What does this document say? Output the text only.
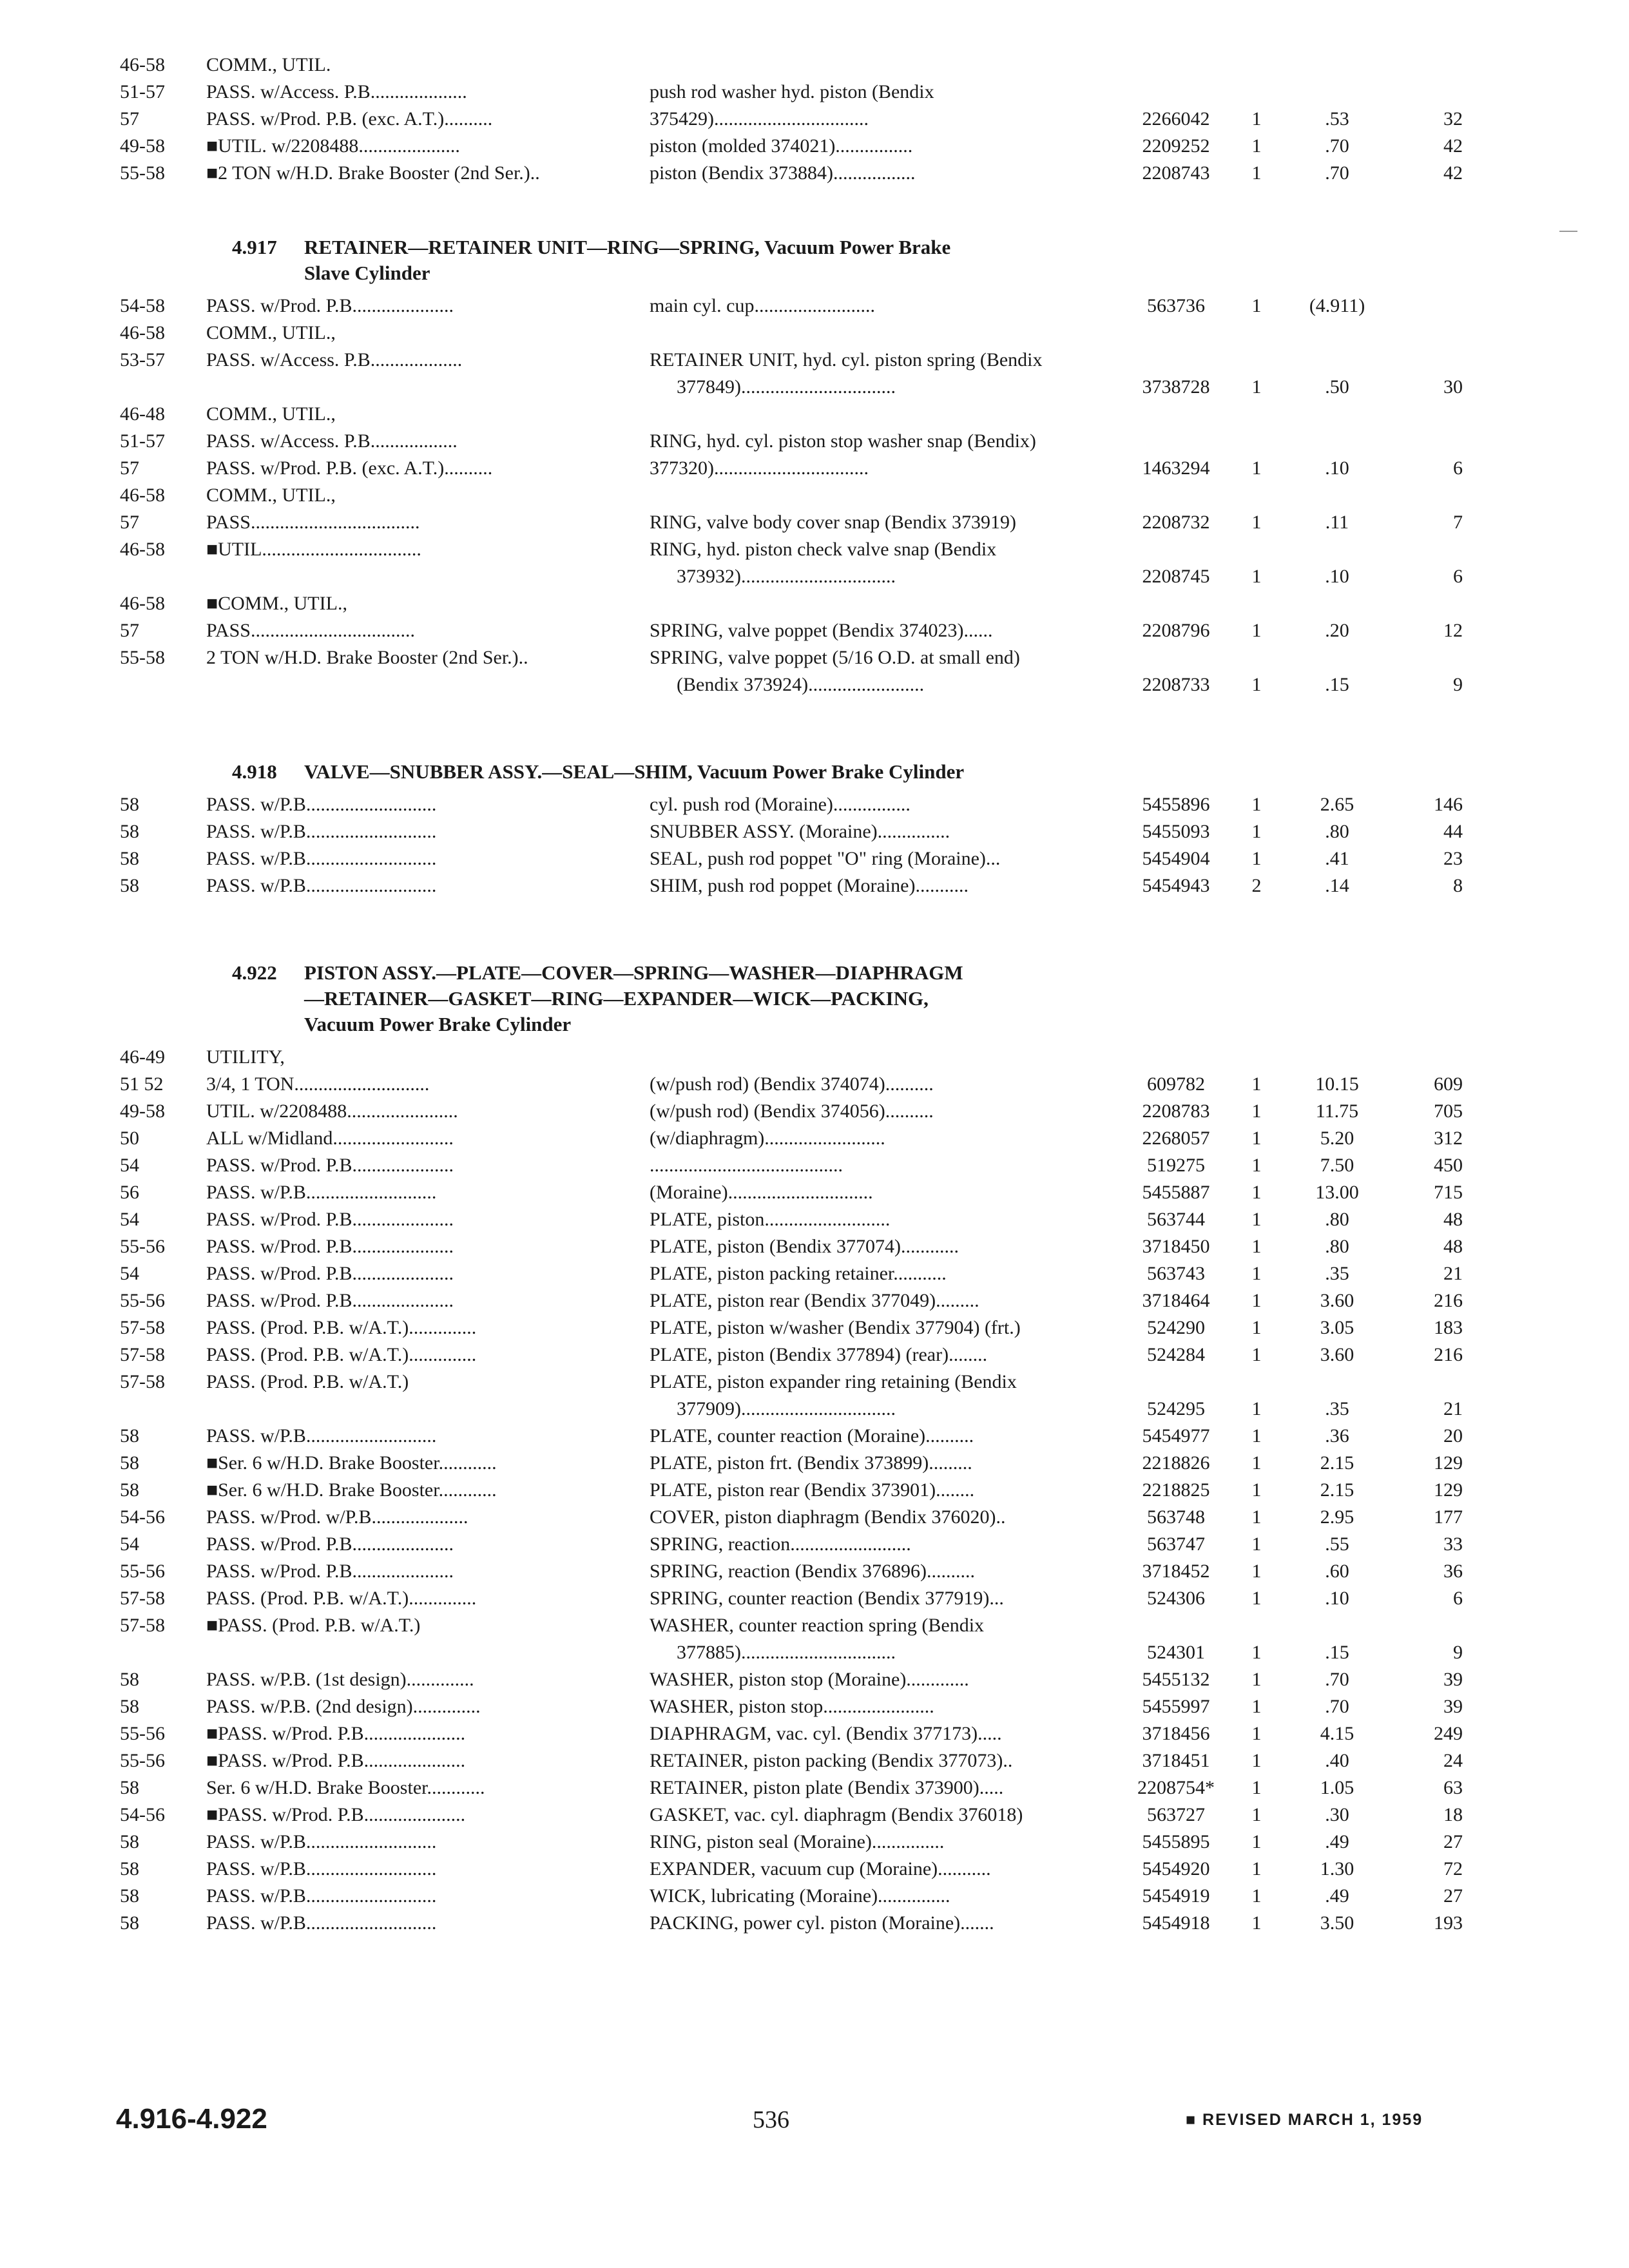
46-58	COMM., UTIL.
51-57	PASS. w/Access. P.B....................	push rod washer hyd. piston (Bendix
57	PASS. w/Prod. P.B. (exc. A.T.)..........	375429)................................	2266042	1	.53	32
49-58	■UTIL. w/2208488.....................	piston (molded 374021)................	2209252	1	.70	42
55-58	■2 TON w/H.D. Brake Booster (2nd Ser.)..	piston (Bendix 373884).................	2208743	1	.70	42
4.917 RETAINER—RETAINER UNIT—RING—SPRING, Vacuum Power Brake
Slave Cylinder
54-58	PASS. w/Prod. P.B.....................	main cyl. cup.........................	563736	1	(4.911)
46-58	COMM., UTIL.,
53-57	PASS. w/Access. P.B...................	RETAINER UNIT, hyd. cyl. piston spring (Bendix
377849)................................	3738728	1	.50	30
46-48	COMM., UTIL.,
51-57	PASS. w/Access. P.B..................	RING, hyd. cyl. piston stop washer snap (Bendix)
57	PASS. w/Prod. P.B. (exc. A.T.)..........	377320)................................	1463294	1	.10	6
46-58	COMM., UTIL.,
57	PASS...................................	RING, valve body cover snap (Bendix 373919)	2208732	1	.11	7
46-58	■UTIL.................................	RING, hyd. piston check valve snap (Bendix
373932)................................	2208745	1	.10	6
46-58	■COMM., UTIL.,
57	PASS..................................	SPRING, valve poppet (Bendix 374023)......	2208796	1	.20	12
55-58	2 TON w/H.D. Brake Booster (2nd Ser.)..	SPRING, valve poppet (5/16 O.D. at small end)
(Bendix 373924)........................	2208733	1	.15	9
4.918 VALVE—SNUBBER ASSY.—SEAL—SHIM, Vacuum Power Brake Cylinder
58	PASS. w/P.B...........................	cyl. push rod (Moraine)................	5455896	1	2.65	146
58	PASS. w/P.B...........................	SNUBBER ASSY. (Moraine)...............	5455093	1	.80	44
58	PASS. w/P.B...........................	SEAL, push rod poppet "O" ring (Moraine)...	5454904	1	.41	23
58	PASS. w/P.B...........................	SHIM, push rod poppet (Moraine)...........	5454943	2	.14	8
4.922 PISTON ASSY.—PLATE—COVER—SPRING—WASHER—DIAPHRAGM
—RETAINER—GASKET—RING—EXPANDER—WICK—PACKING,
Vacuum Power Brake Cylinder
46-49	UTILITY,
51 52	3/4, 1 TON............................	(w/push rod) (Bendix 374074)..........	609782	1	10.15	609
49-58	UTIL. w/2208488.......................	(w/push rod) (Bendix 374056)..........	2208783	1	11.75	705
50	ALL w/Midland.........................	(w/diaphragm).........................	2268057	1	5.20	312
54	PASS. w/Prod. P.B.....................	........................................	519275	1	7.50	450
56	PASS. w/P.B...........................	(Moraine)..............................	5455887	1	13.00	715
54	PASS. w/Prod. P.B.....................	PLATE, piston..........................	563744	1	.80	48
55-56	PASS. w/Prod. P.B.....................	PLATE, piston (Bendix 377074)............	3718450	1	.80	48
54	PASS. w/Prod. P.B.....................	PLATE, piston packing retainer...........	563743	1	.35	21
55-56	PASS. w/Prod. P.B.....................	PLATE, piston rear (Bendix 377049).........	3718464	1	3.60	216
57-58	PASS. (Prod. P.B. w/A.T.)..............	PLATE, piston w/washer (Bendix 377904) (frt.)	524290	1	3.05	183
57-58	PASS. (Prod. P.B. w/A.T.)..............	PLATE, piston (Bendix 377894) (rear)........	524284	1	3.60	216
57-58	PASS. (Prod. P.B. w/A.T.)	PLATE, piston expander ring retaining (Bendix
377909)................................	524295	1	.35	21
58	PASS. w/P.B...........................	PLATE, counter reaction (Moraine)..........	5454977	1	.36	20
58	■Ser. 6 w/H.D. Brake Booster............	PLATE, piston frt. (Bendix 373899).........	2218826	1	2.15	129
58	■Ser. 6 w/H.D. Brake Booster............	PLATE, piston rear (Bendix 373901)........	2218825	1	2.15	129
54-56	PASS. w/Prod. w/P.B....................	COVER, piston diaphragm (Bendix 376020)..	563748	1	2.95	177
54	PASS. w/Prod. P.B.....................	SPRING, reaction.........................	563747	1	.55	33
55-56	PASS. w/Prod. P.B.....................	SPRING, reaction (Bendix 376896)..........	3718452	1	.60	36
57-58	PASS. (Prod. P.B. w/A.T.)..............	SPRING, counter reaction (Bendix 377919)...	524306	1	.10	6
57-58	■PASS. (Prod. P.B. w/A.T.)	WASHER, counter reaction spring (Bendix
377885)................................	524301	1	.15	9
58	PASS. w/P.B. (1st design)..............	WASHER, piston stop (Moraine).............	5455132	1	.70	39
58	PASS. w/P.B. (2nd design)..............	WASHER, piston stop.......................	5455997	1	.70	39
55-56	■PASS. w/Prod. P.B.....................	DIAPHRAGM, vac. cyl. (Bendix 377173).....	3718456	1	4.15	249
55-56	■PASS. w/Prod. P.B.....................	RETAINER, piston packing (Bendix 377073)..	3718451	1	.40	24
58	Ser. 6 w/H.D. Brake Booster............	RETAINER, piston plate (Bendix 373900).....	2208754*	1	1.05	63
54-56	■PASS. w/Prod. P.B.....................	GASKET, vac. cyl. diaphragm (Bendix 376018)	563727	1	.30	18
58	PASS. w/P.B...........................	RING, piston seal (Moraine)...............	5455895	1	.49	27
58	PASS. w/P.B...........................	EXPANDER, vacuum cup (Moraine)...........	5454920	1	1.30	72
58	PASS. w/P.B...........................	WICK, lubricating (Moraine)...............	5454919	1	.49	27
58	PASS. w/P.B...........................	PACKING, power cyl. piston (Moraine).......	5454918	1	3.50	193
4.916-4.922	536	■ REVISED MARCH 1, 1959
